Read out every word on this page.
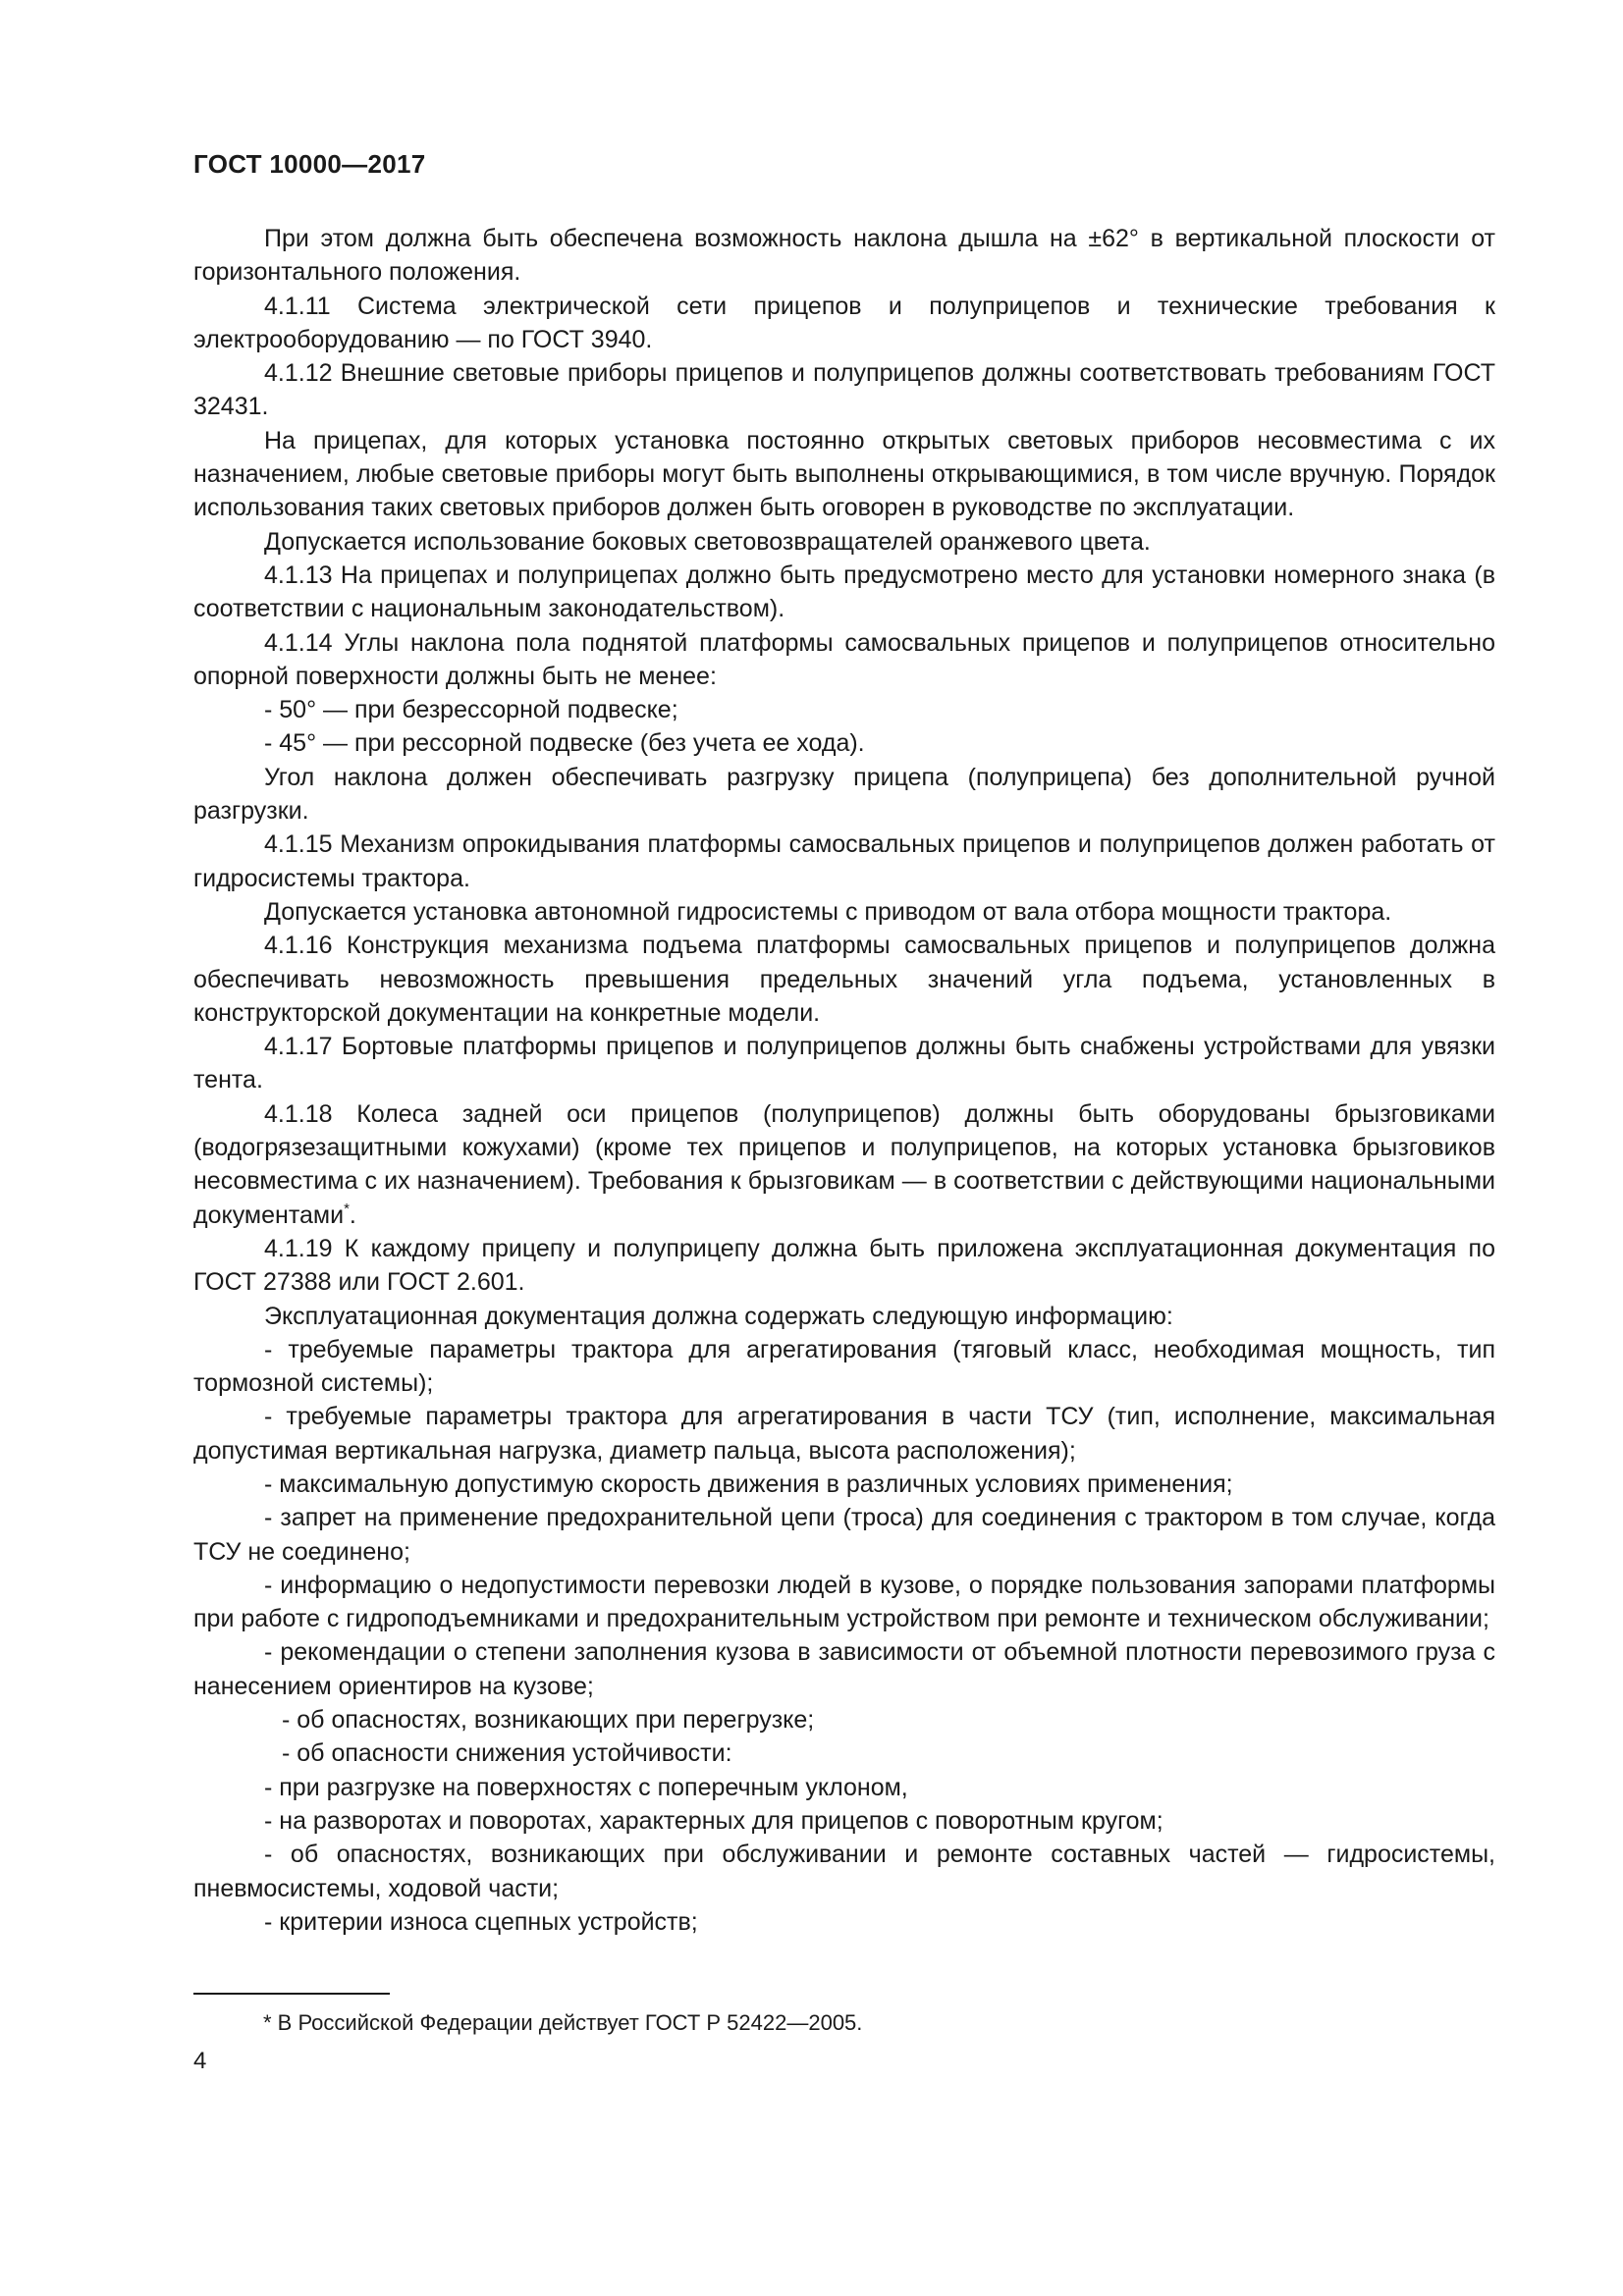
ГОСТ 10000—2017

При этом должна быть обеспечена возможность наклона дышла на ±62° в вертикальной плоскости от горизонтального положения.

4.1.11 Система электрической сети прицепов и полуприцепов и технические требования к электрооборудованию — по ГОСТ 3940.

4.1.12 Внешние световые приборы прицепов и полуприцепов должны соответствовать требованиям ГОСТ 32431.

На прицепах, для которых установка постоянно открытых световых приборов несовместима с их назначением, любые световые приборы могут быть выполнены открывающимися, в том числе вручную. Порядок использования таких световых приборов должен быть оговорен в руководстве по эксплуатации.

Допускается использование боковых световозвращателей оранжевого цвета.

4.1.13 На прицепах и полуприцепах должно быть предусмотрено место для установки номерного знака (в соответствии с национальным законодательством).

4.1.14 Углы наклона пола поднятой платформы самосвальных прицепов и полуприцепов относительно опорной поверхности должны быть не менее:

- 50° — при безрессорной подвеске;

- 45° — при рессорной подвеске (без учета ее хода).

Угол наклона должен обеспечивать разгрузку прицепа (полуприцепа) без дополнительной ручной разгрузки.

4.1.15 Механизм опрокидывания платформы самосвальных прицепов и полуприцепов должен работать от гидросистемы трактора.

Допускается установка автономной гидросистемы с приводом от вала отбора мощности трактора.

4.1.16 Конструкция механизма подъема платформы самосвальных прицепов и полуприцепов должна обеспечивать невозможность превышения предельных значений угла подъема, установленных в конструкторской документации на конкретные модели.

4.1.17 Бортовые платформы прицепов и полуприцепов должны быть снабжены устройствами для увязки тента.

4.1.18 Колеса задней оси прицепов (полуприцепов) должны быть оборудованы брызговиками (водогрязезащитными кожухами) (кроме тех прицепов и полуприцепов, на которых установка брызговиков несовместима с их назначением). Требования к брызговикам — в соответствии с действующими национальными документами*.

4.1.19 К каждому прицепу и полуприцепу должна быть приложена эксплуатационная документация по ГОСТ 27388 или ГОСТ 2.601.

Эксплуатационная документация должна содержать следующую информацию:

- требуемые параметры трактора для агрегатирования (тяговый класс, необходимая мощность, тип тормозной системы);

- требуемые параметры трактора для агрегатирования в части ТСУ (тип, исполнение, максимальная допустимая вертикальная нагрузка, диаметр пальца, высота расположения);

- максимальную допустимую скорость движения в различных условиях применения;

- запрет на применение предохранительной цепи (троса) для соединения с трактором в том случае, когда ТСУ не соединено;

- информацию о недопустимости перевозки людей в кузове, о порядке пользования запорами платформы при работе с гидроподъемниками и предохранительным устройством при ремонте и техническом обслуживании;

- рекомендации о степени заполнения кузова в зависимости от объемной плотности перевозимого груза с нанесением ориентиров на кузове;

- об опасностях, возникающих при перегрузке;

- об опасности снижения устойчивости:

- при разгрузке на поверхностях с поперечным уклоном,

- на разворотах и поворотах, характерных для прицепов с поворотным кругом;

- об опасностях, возникающих при обслуживании и ремонте составных частей — гидросистемы, пневмосистемы, ходовой части;

- критерии износа сцепных устройств;

* В Российской Федерации действует ГОСТ Р 52422—2005.
4
